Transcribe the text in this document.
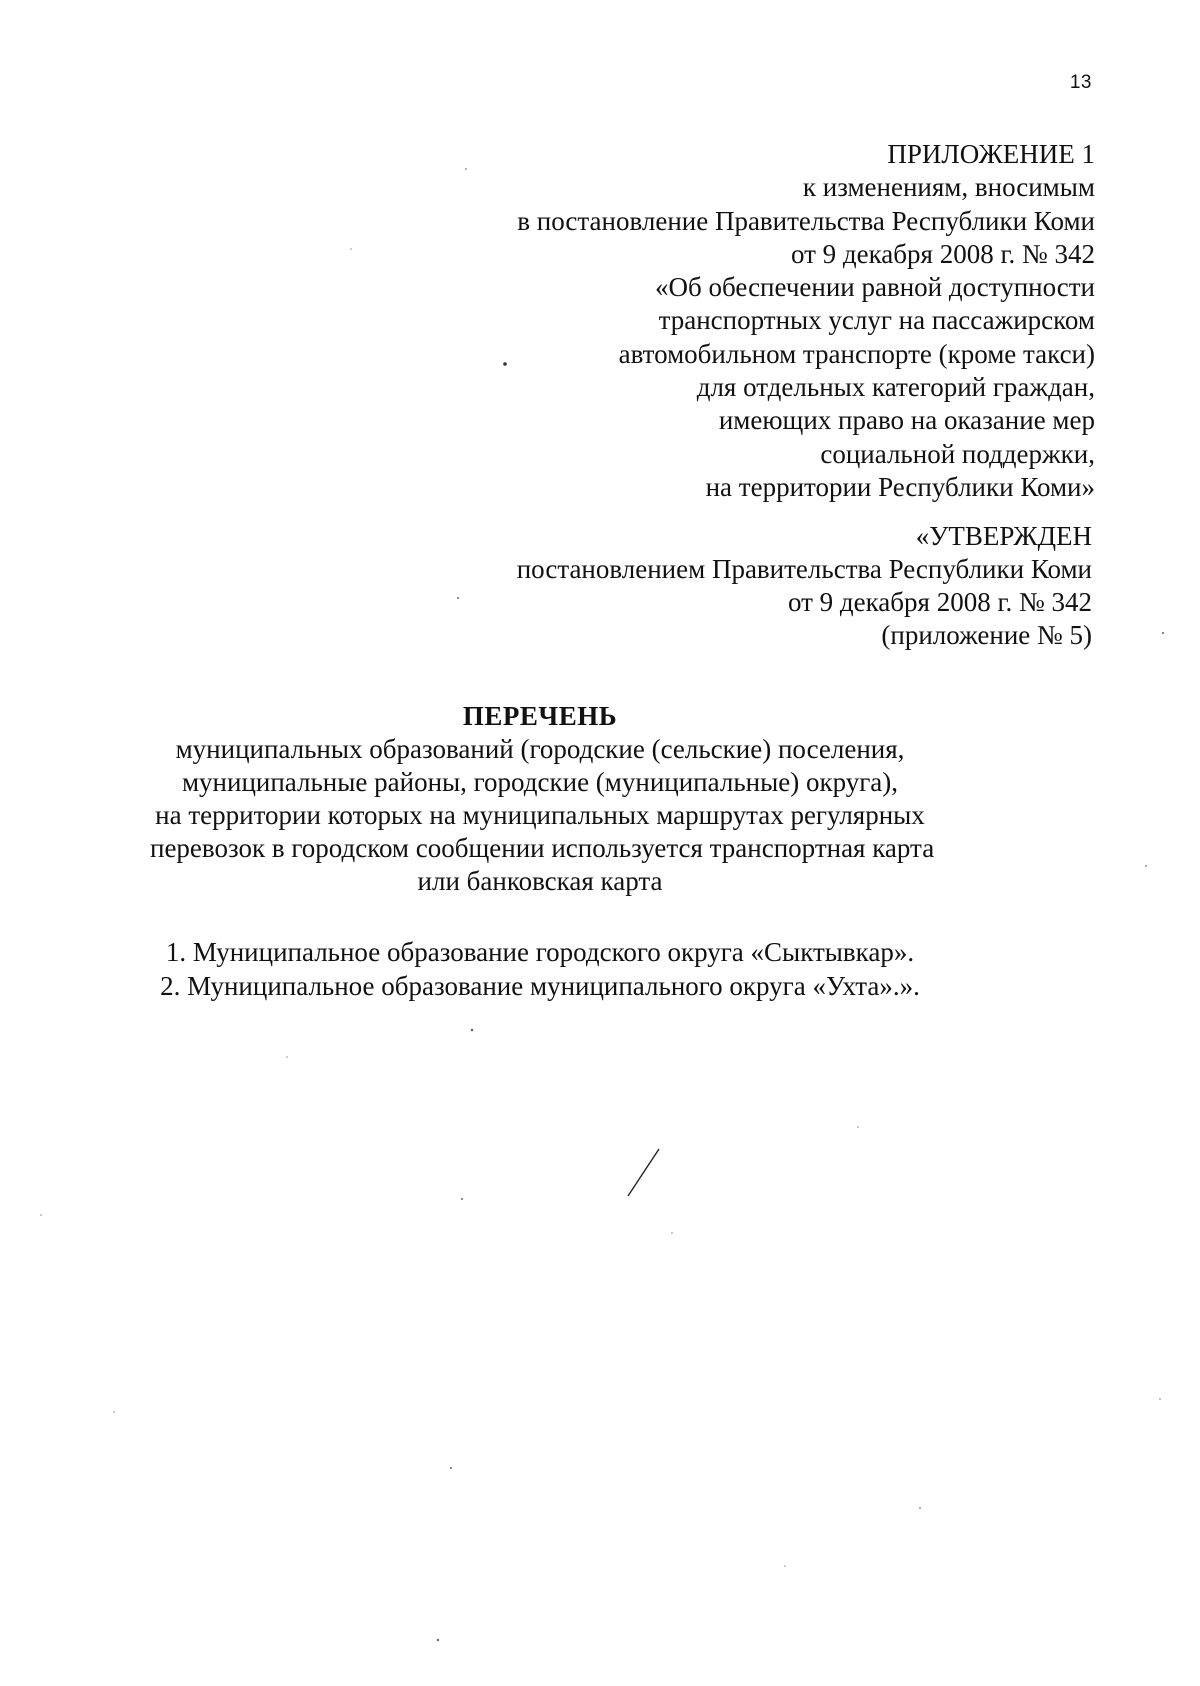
13
ПРИЛОЖЕНИЕ 1
к изменениям, вносимым
в постановление Правительства Республики Коми
от 9 декабря 2008 г. № 342
«Об обеспечении равной доступности
транспортных услуг на пассажирском
автомобильном транспорте (кроме такси)
для отдельных категорий граждан,
имеющих право на оказание мер
социальной поддержки,
на территории Республики Коми»
«УТВЕРЖДЕН
постановлением Правительства Республики Коми
от 9 декабря 2008 г. № 342
(приложение № 5)
ПЕРЕЧЕНЬ
муниципальных образований (городские (сельские) поселения,
муниципальные районы, городские (муниципальные) округа),
на территории которых на муниципальных маршрутах регулярных
перевозок в городском сообщении используется транспортная карта
или банковская карта
1. Муниципальное образование городского округа «Сыктывкар».
2. Муниципальное образование муниципального округа «Ухта».».
